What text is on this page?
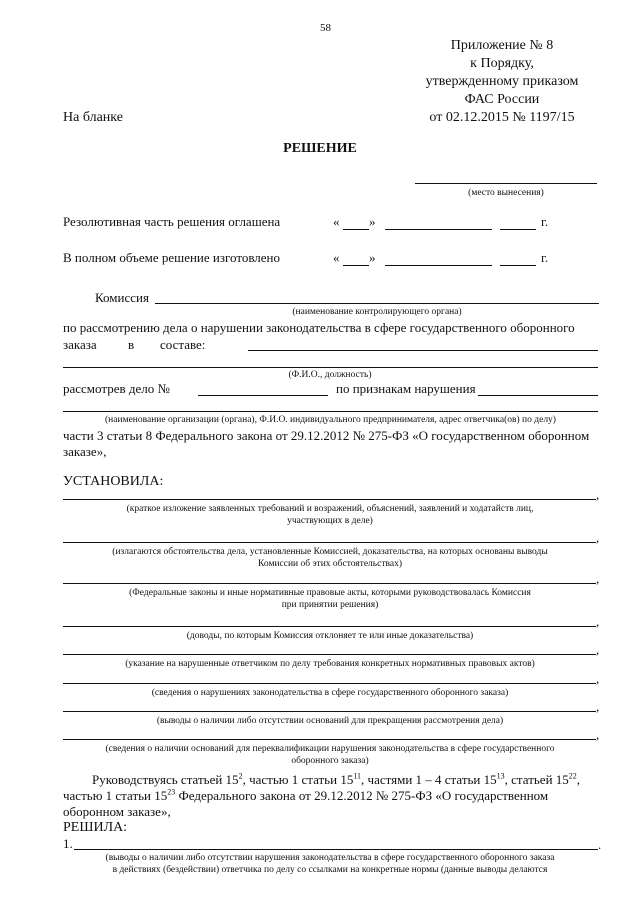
58
Приложение № 8
к Порядку,
утвержденному приказом
ФАС России
от 02.12.2015 № 1197/15
На бланке
РЕШЕНИЕ
(место вынесения)
Резолютивная часть решения оглашена	« »	г.
В полном объеме решение изготовлено	« »	г.
Комиссия
(наименование контролирующего органа)
по рассмотрению дела о нарушении законодательства в сфере государственного оборонного
заказа в составе:
(Ф.И.О., должность)
рассмотрев дело №	по признакам нарушения
(наименование организации (органа), Ф.И.О. индивидуального предпринимателя, адрес ответчика(ов) по делу)
части 3 статьи 8 Федерального закона от 29.12.2012 № 275-ФЗ «О государственном оборонном
заказе»,
УСТАНОВИЛА:
,
(краткое изложение заявленных требований и возражений, объяснений, заявлений и ходатайств лиц,
участвующих в деле)
,
(излагаются обстоятельства дела, установленные Комиссией, доказательства, на которых основаны выводы
Комиссии об этих обстоятельствах)
,
(Федеральные законы и иные нормативные правовые акты, которыми руководствовалась Комиссия
при принятии решения)
,
(доводы, по которым Комиссия отклоняет те или иные доказательства)
,
(указание на нарушенные ответчиком по делу требования конкретных нормативных правовых актов)
,
(сведения о нарушениях законодательства в сфере государственного оборонного заказа)
,
(выводы о наличии либо отсутствии оснований для прекращения рассмотрения дела)
,
(сведения о наличии оснований для переквалификации нарушения законодательства в сфере государственного
оборонного заказа)
Руководствуясь статьей $15^2$, частью 1 статьи $15^{11}$, частями 1 – 4 статьи $15^{13}$, статьей $15^{22}$,
частью 1 статьи $15^{23}$ Федерального закона от 29.12.2012 № 275-ФЗ «О государственном
оборонном заказе»,
РЕШИЛА:
1.	.
(выводы о наличии либо отсутствии нарушения законодательства в сфере государственного оборонного заказа
в действиях (бездействии) ответчика по делу со ссылками на конкретные нормы (данные выводы делаются
